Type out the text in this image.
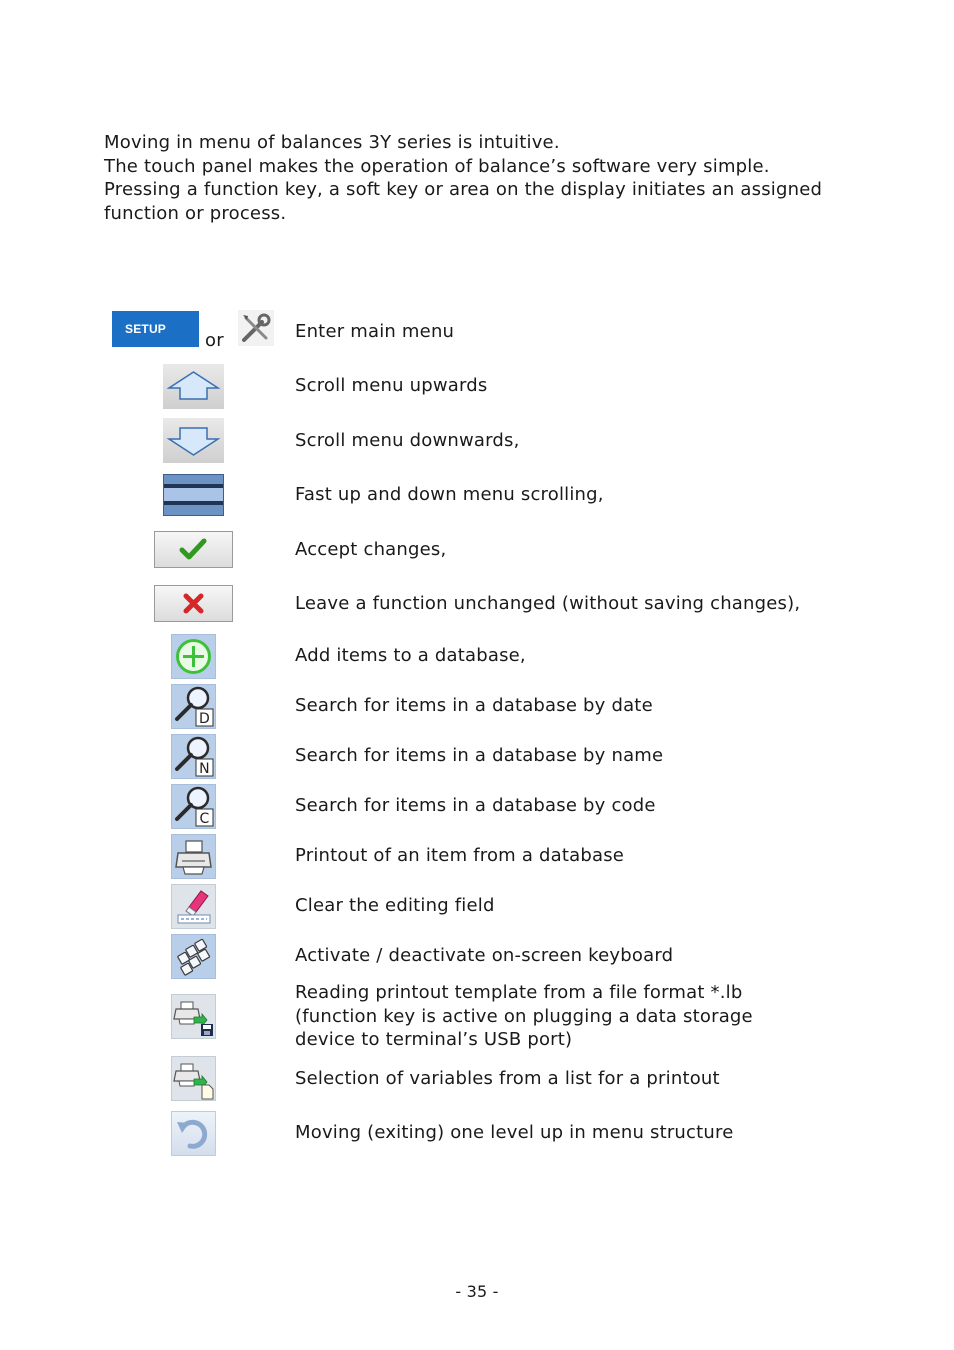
Moving in menu of balances 3Y series is intuitive.

The touch panel makes the operation of balance’s software very simple.

Pressing a function key, a soft key or area on the display initiates an assigned function or process.

SETUP
or	Enter main menu
Scroll menu upwards
Scroll menu downwards,
Fast up and down menu scrolling,
Accept changes,
Leave a function unchanged (without saving changes),
Add items to a database,
D
Search for items in a database by date
N
Search for items in a database by name
C
Search for items in a database by code
Printout of an item from a database
Clear the editing field
Activate / deactivate on-screen keyboard
Reading printout template from a file format *.lb
(function key is active on plugging a data storage
device to terminal’s USB port)
Selection of variables from a list for a printout
Moving (exiting) one level up in menu structure
- 35 -
